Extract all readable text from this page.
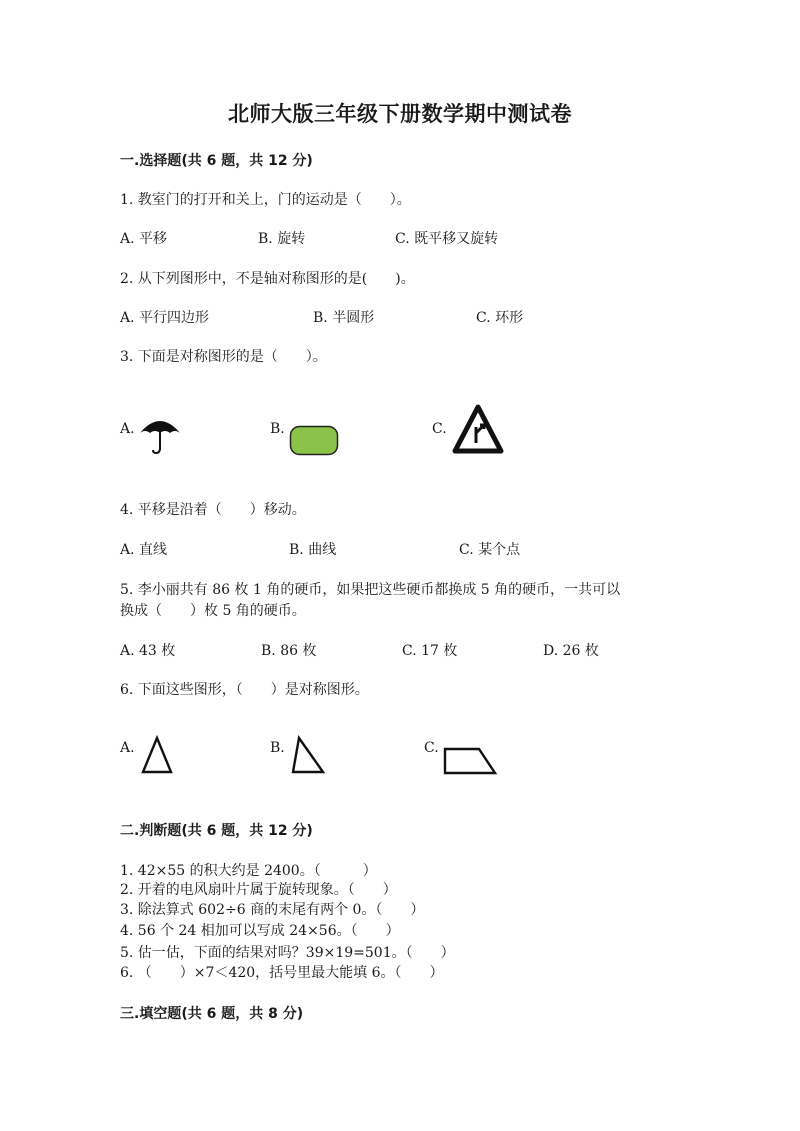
北师大版三年级下册数学期中测试卷
一.选择题(共 6 题，共 12 分)
1. 教室门的打开和关上，门的运动是（　　）。
A. 平移	B. 旋转	C. 既平移又旋转
2. 从下列图形中，不是轴对称图形的是(　　)。
A. 平行四边形	B. 半圆形	C. 环形
3. 下面是对称图形的是（　　）。
A.	B.	C.
4. 平移是沿着（　　）移动。
A. 直线	B. 曲线	C. 某个点
5. 李小丽共有 86 枚 1 角的硬币，如果把这些硬币都换成 5 角的硬币，一共可以
换成（　　）枚 5 角的硬币。
A. 43 枚	B. 86 枚	C. 17 枚	D. 26 枚
6. 下面这些图形，（　　）是对称图形。
A.	B.	C.
二.判断题(共 6 题，共 12 分)
1. 42×55 的积大约是 2400。（　　　）
2. 开着的电风扇叶片属于旋转现象。（　　）
3. 除法算式 602÷6 商的末尾有两个 0。（　　）
4. 56 个 24 相加可以写成 24×56。（　　）
5. 估一估，下面的结果对吗？39×19=501。（　　）
6. （　　）×7＜420，括号里最大能填 6。（　　）
三.填空题(共 6 题，共 8 分)
